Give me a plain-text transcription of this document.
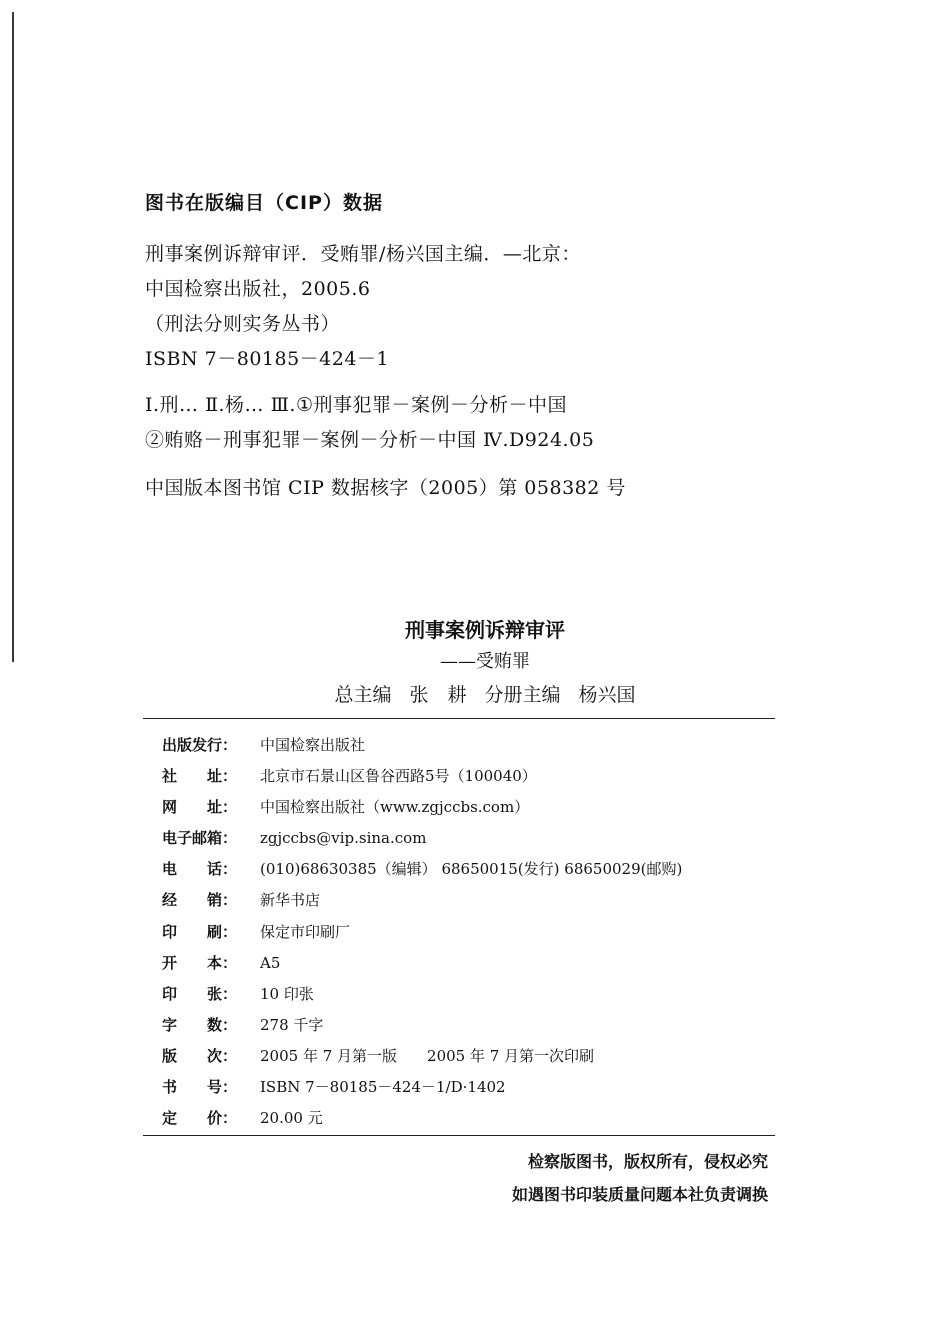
图书在版编目（CIP）数据
刑事案例诉辩审评．受贿罪/杨兴国主编．—北京：
中国检察出版社，2005.6
（刑法分则实务丛书）
ISBN 7－80185－424－1
Ⅰ.刑… Ⅱ.杨… Ⅲ.①刑事犯罪－案例－分析－中国
②贿赂－刑事犯罪－案例－分析－中国 Ⅳ.D924.05
中国版本图书馆 CIP 数据核字（2005）第 058382 号
刑事案例诉辩审评
——受贿罪
总主编 张　耕 分册主编 杨兴国
出版发行：	中国检察出版社
社　　址：	北京市石景山区鲁谷西路5号（100040）
网　　址：	中国检察出版社（www.zgjccbs.com）
电子邮箱：	zgjccbs@vip.sina.com
电　　话：	(010)68630385（编辑） 68650015(发行) 68650029(邮购)
经　　销：	新华书店
印　　刷：	保定市印刷厂
开　　本：	A5
印　　张：	10 印张
字　　数：	278 千字
版　　次：	2005 年 7 月第一版　　2005 年 7 月第一次印刷
书　　号：	ISBN 7－80185－424－1/D·1402
定　　价：	20.00 元
检察版图书，版权所有，侵权必究
如遇图书印装质量问题本社负责调换
